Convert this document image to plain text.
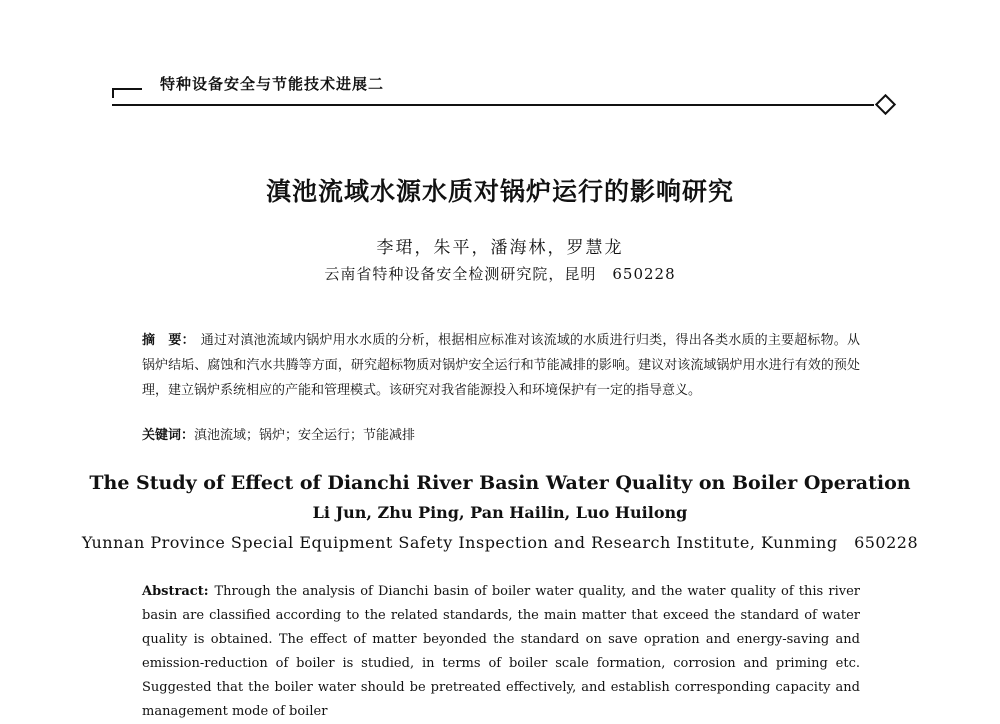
特种设备安全与节能技术进展二
滇池流域水源水质对锅炉运行的影响研究
李珺，朱平，潘海林，罗慧龙
云南省特种设备安全检测研究院，昆明　650228
摘　要： 通过对滇池流域内锅炉用水水质的分析，根据相应标准对该流域的水质进行归类，得出各类水质的主要超标物。从锅炉结垢、腐蚀和汽水共腾等方面，研究超标物质对锅炉安全运行和节能减排的影响。建议对该流域锅炉用水进行有效的预处理，建立锅炉系统相应的产能和管理模式。该研究对我省能源投入和环境保护有一定的指导意义。
关键词：滇池流域；锅炉；安全运行；节能减排
The Study of Effect of Dianchi River Basin Water Quality on Boiler Operation
Li Jun, Zhu Ping, Pan Hailin, Luo Huilong
Yunnan Province Special Equipment Safety Inspection and Research Institute, Kunming　650228
Abstract: Through the analysis of Dianchi basin of boiler water quality, and the water quality of this river basin are classified according to the related standards, the main matter that exceed the standard of water quality is obtained. The effect of matter beyonded the standard on save opration and energy-saving and emission-reduction of boiler is studied, in terms of boiler scale formation, corrosion and priming etc. Suggested that the boiler water should be pretreated effectively, and establish corresponding capacity and management mode of boiler
